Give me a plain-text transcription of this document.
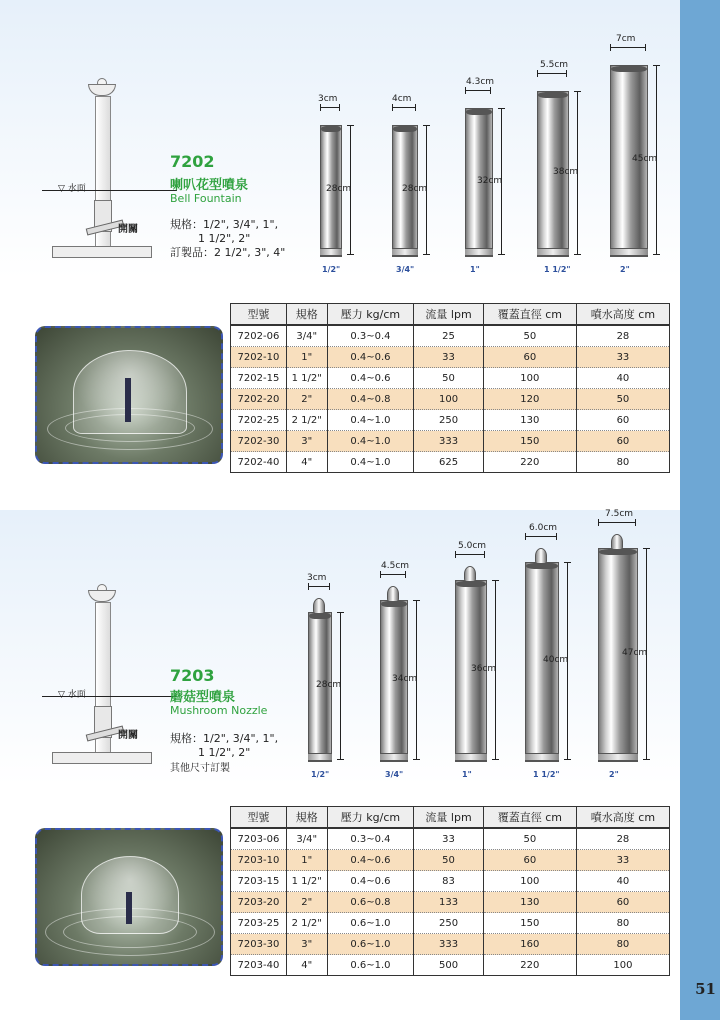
51
▽ 水面
開關
7202
喇叭花型噴泉
Bell Fountain
規格：1/2", 3/4", 1",
1 1/2", 2"
訂製品：2 1/2", 3", 4"
3cm
28cm
1/2"
4cm
28cm
3/4"
4.3cm
32cm
1"
5.5cm
38cm
1 1/2"
7cm
45cm
2"
型號	規格	壓力 kg/cm	流量 lpm	覆蓋直徑 cm	噴水高度 cm
7202-06	3/4"	0.3~0.4	25	50	28
7202-10	1"	0.4~0.6	33	60	33
7202-15	1 1/2"	0.4~0.6	50	100	40
7202-20	2"	0.4~0.8	100	120	50
7202-25	2 1/2"	0.4~1.0	250	130	60
7202-30	3"	0.4~1.0	333	150	60
7202-40	4"	0.4~1.0	625	220	80
▽ 水面
開關
7203
蘑菇型噴泉
Mushroom Nozzle
規格：1/2", 3/4", 1",
1 1/2", 2"
其他尺寸訂製
3cm
28cm
1/2"
4.5cm
34cm
3/4"
5.0cm
36cm
1"
6.0cm
40cm
1 1/2"
7.5cm
47cm
2"
型號	規格	壓力 kg/cm	流量 lpm	覆蓋直徑 cm	噴水高度 cm
7203-06	3/4"	0.3~0.4	33	50	28
7203-10	1"	0.4~0.6	50	60	33
7203-15	1 1/2"	0.4~0.6	83	100	40
7203-20	2"	0.6~0.8	133	130	60
7203-25	2 1/2"	0.6~1.0	250	150	80
7203-30	3"	0.6~1.0	333	160	80
7203-40	4"	0.6~1.0	500	220	100
